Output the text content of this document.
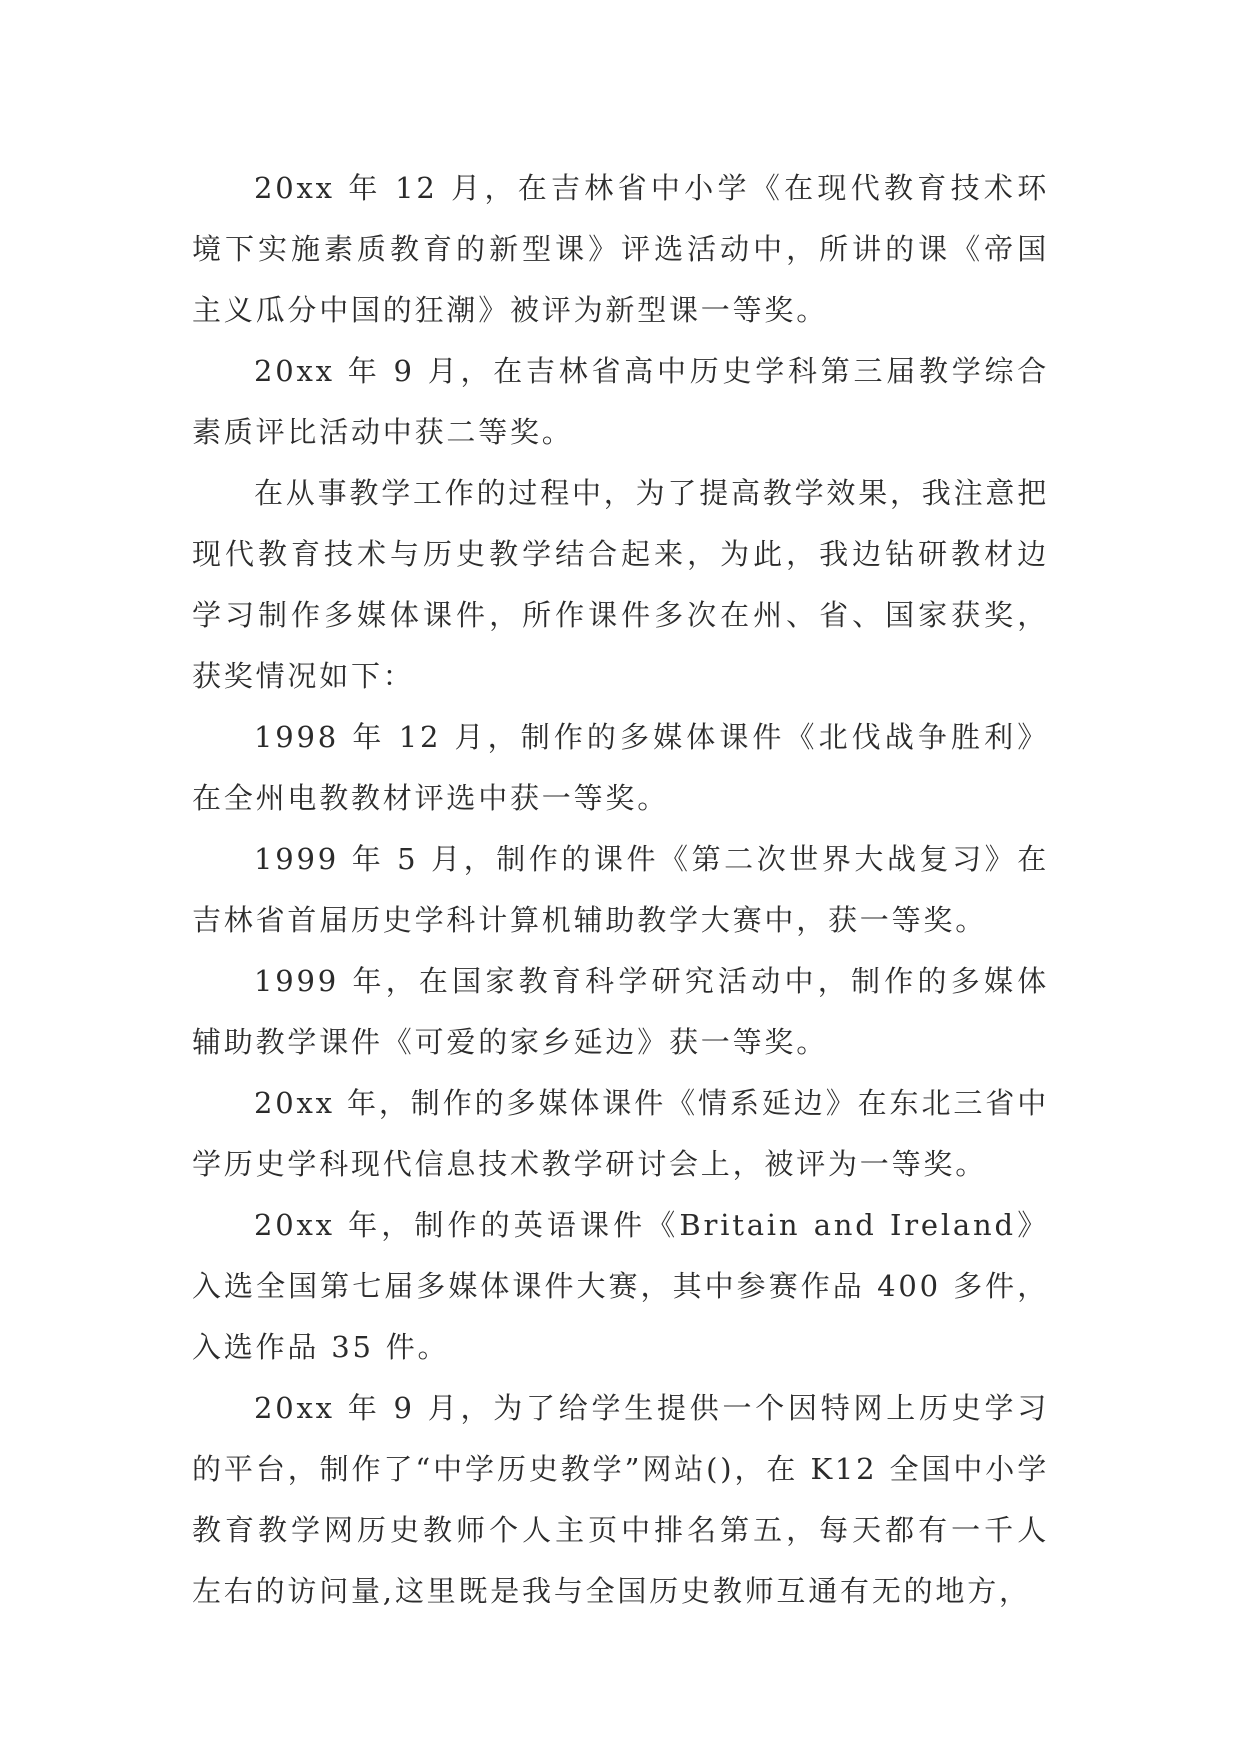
20xx 年 12 月，在吉林省中小学《在现代教育技术环境下实施素质教育的新型课》评选活动中，所讲的课《帝国主义瓜分中国的狂潮》被评为新型课一等奖。

20xx 年 9 月，在吉林省高中历史学科第三届教学综合素质评比活动中获二等奖。

在从事教学工作的过程中，为了提高教学效果，我注意把现代教育技术与历史教学结合起来，为此，我边钻研教材边学习制作多媒体课件，所作课件多次在州、省、国家获奖，获奖情况如下：

1998 年 12 月，制作的多媒体课件《北伐战争胜利》在全州电教教材评选中获一等奖。

1999 年 5 月，制作的课件《第二次世界大战复习》在吉林省首届历史学科计算机辅助教学大赛中，获一等奖。

1999 年，在国家教育科学研究活动中，制作的多媒体辅助教学课件《可爱的家乡延边》获一等奖。

20xx 年，制作的多媒体课件《情系延边》在东北三省中学历史学科现代信息技术教学研讨会上，被评为一等奖。

20xx 年，制作的英语课件《Britain and Ireland》入选全国第七届多媒体课件大赛，其中参赛作品 400 多件，入选作品 35 件。

20xx 年 9 月，为了给学生提供一个因特网上历史学习的平台，制作了“中学历史教学”网站()，在 K12 全国中小学教育教学网历史教师个人主页中排名第五，每天都有一千人左右的访问量,这里既是我与全国历史教师互通有无的地方，
